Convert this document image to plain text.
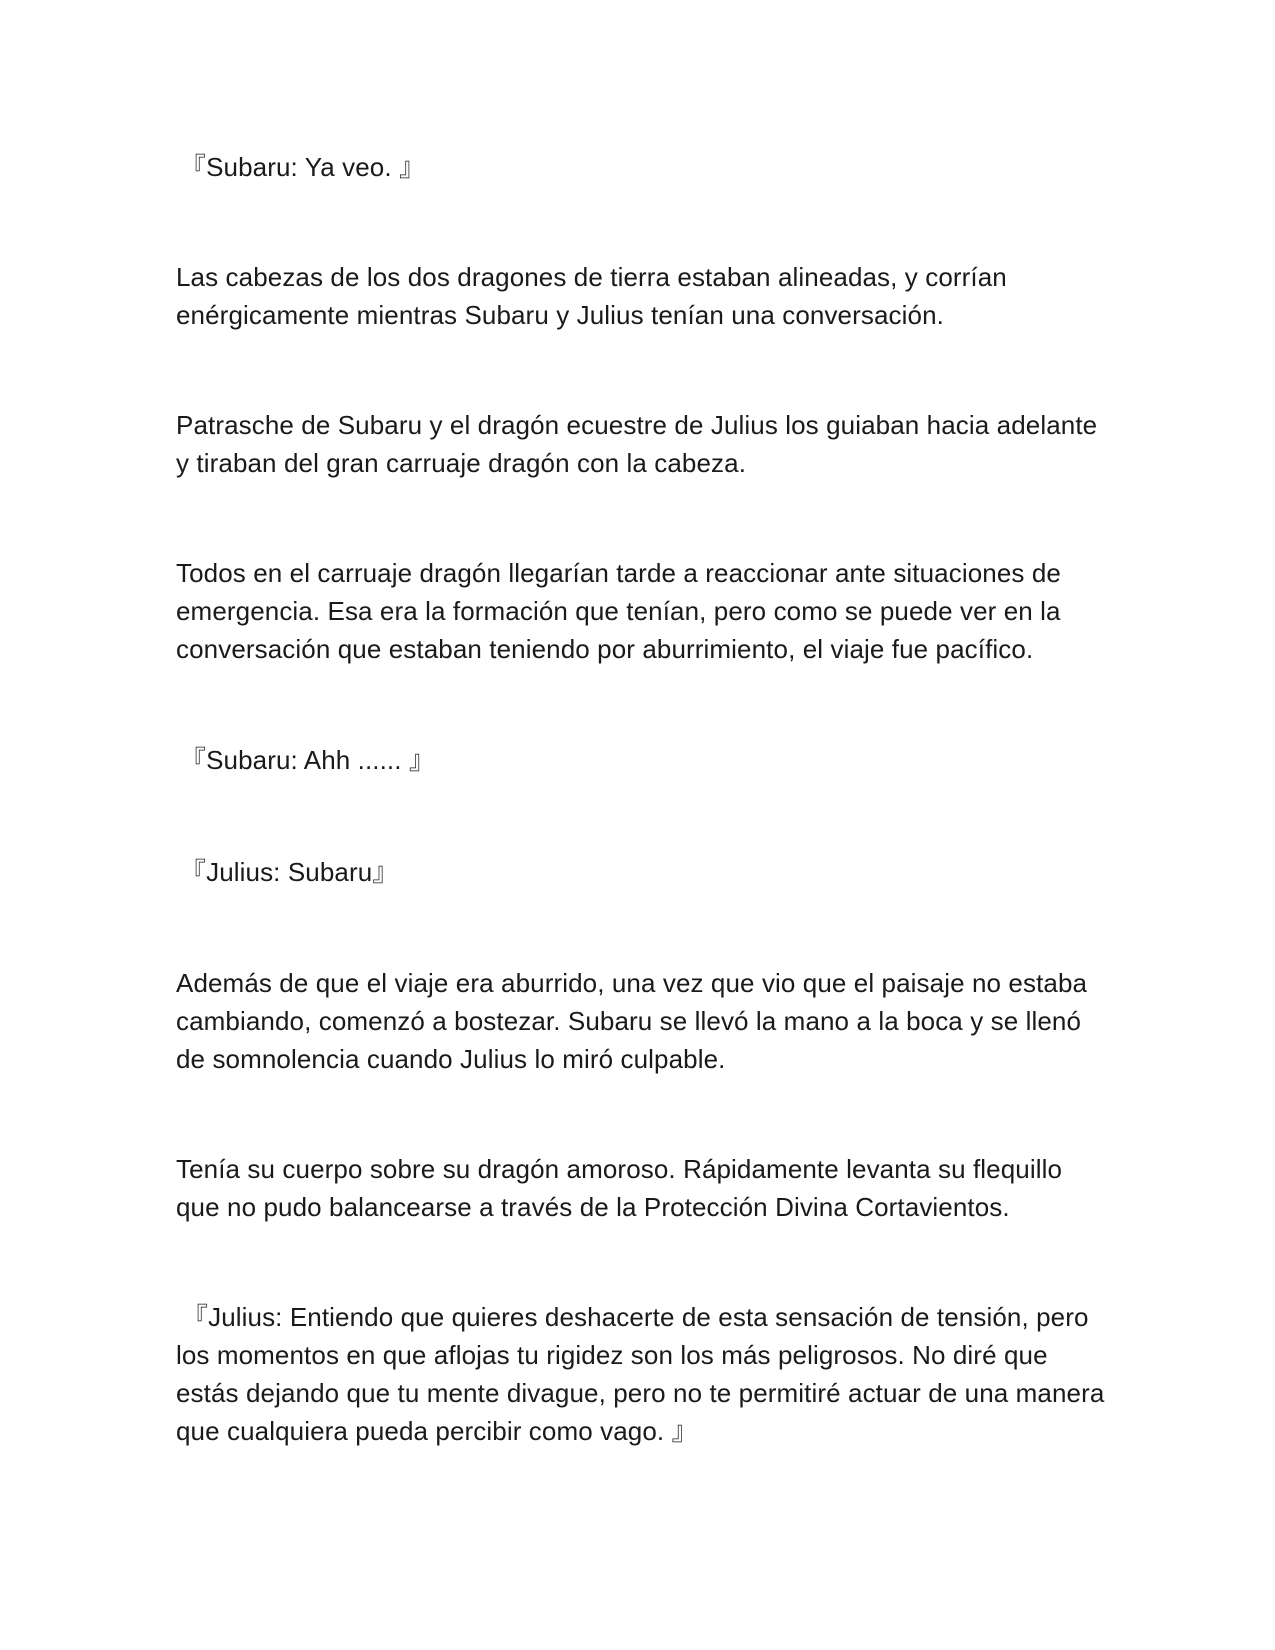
『Subaru: Ya veo. 』

Las cabezas de los dos dragones de tierra estaban alineadas, y corrían enérgicamente mientras Subaru y Julius tenían una conversación.

Patrasche de Subaru y el dragón ecuestre de Julius los guiaban hacia adelante y tiraban del gran carruaje dragón con la cabeza.

Todos en el carruaje dragón llegarían tarde a reaccionar ante situaciones de emergencia. Esa era la formación que tenían, pero como se puede ver en la conversación que estaban teniendo por aburrimiento, el viaje fue pacífico.

『Subaru: Ahh ...... 』

『Julius: Subaru』

Además de que el viaje era aburrido, una vez que vio que el paisaje no estaba cambiando, comenzó a bostezar. Subaru se llevó la mano a la boca y se llenó de somnolencia cuando Julius lo miró culpable.

Tenía su cuerpo sobre su dragón amoroso. Rápidamente levanta su flequillo que no pudo balancearse a través de la Protección Divina Cortavientos.

『Julius: Entiendo que quieres deshacerte de esta sensación de tensión, pero los momentos en que aflojas tu rigidez son los más peligrosos. No diré que estás dejando que tu mente divague, pero no te permitiré actuar de una manera que cualquiera pueda percibir como vago. 』
